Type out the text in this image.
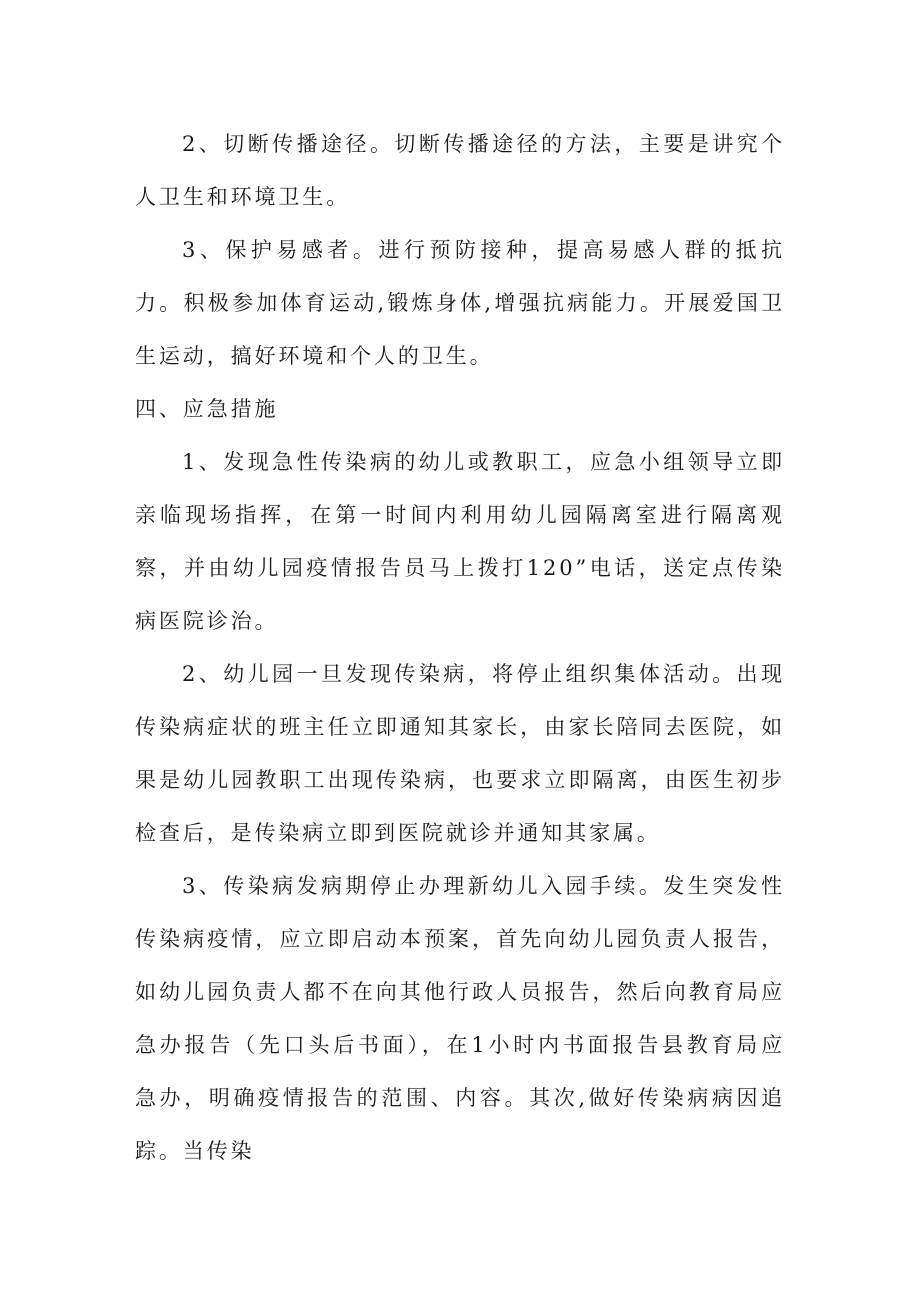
2、切断传播途径。切断传播途径的方法，主要是讲究个人卫生和环境卫生。

3、保护易感者。进行预防接种，提高易感人群的抵抗力。积极参加体育运动,锻炼身体,增强抗病能力。开展爱国卫生运动，搞好环境和个人的卫生。

四、应急措施

1、发现急性传染病的幼儿或教职工，应急小组领导立即亲临现场指挥，在第一时间内利用幼儿园隔离室进行隔离观察，并由幼儿园疫情报告员马上拨打120”电话，送定点传染病医院诊治。

2、幼儿园一旦发现传染病，将停止组织集体活动。出现传染病症状的班主任立即通知其家长，由家长陪同去医院，如果是幼儿园教职工出现传染病，也要求立即隔离，由医生初步检查后，是传染病立即到医院就诊并通知其家属。

3、传染病发病期停止办理新幼儿入园手续。发生突发性传染病疫情，应立即启动本预案，首先向幼儿园负责人报告，如幼儿园负责人都不在向其他行政人员报告，然后向教育局应急办报告（先口头后书面），在1小时内书面报告县教育局应急办，明确疫情报告的范围、内容。其次,做好传染病病因追踪。当传染
